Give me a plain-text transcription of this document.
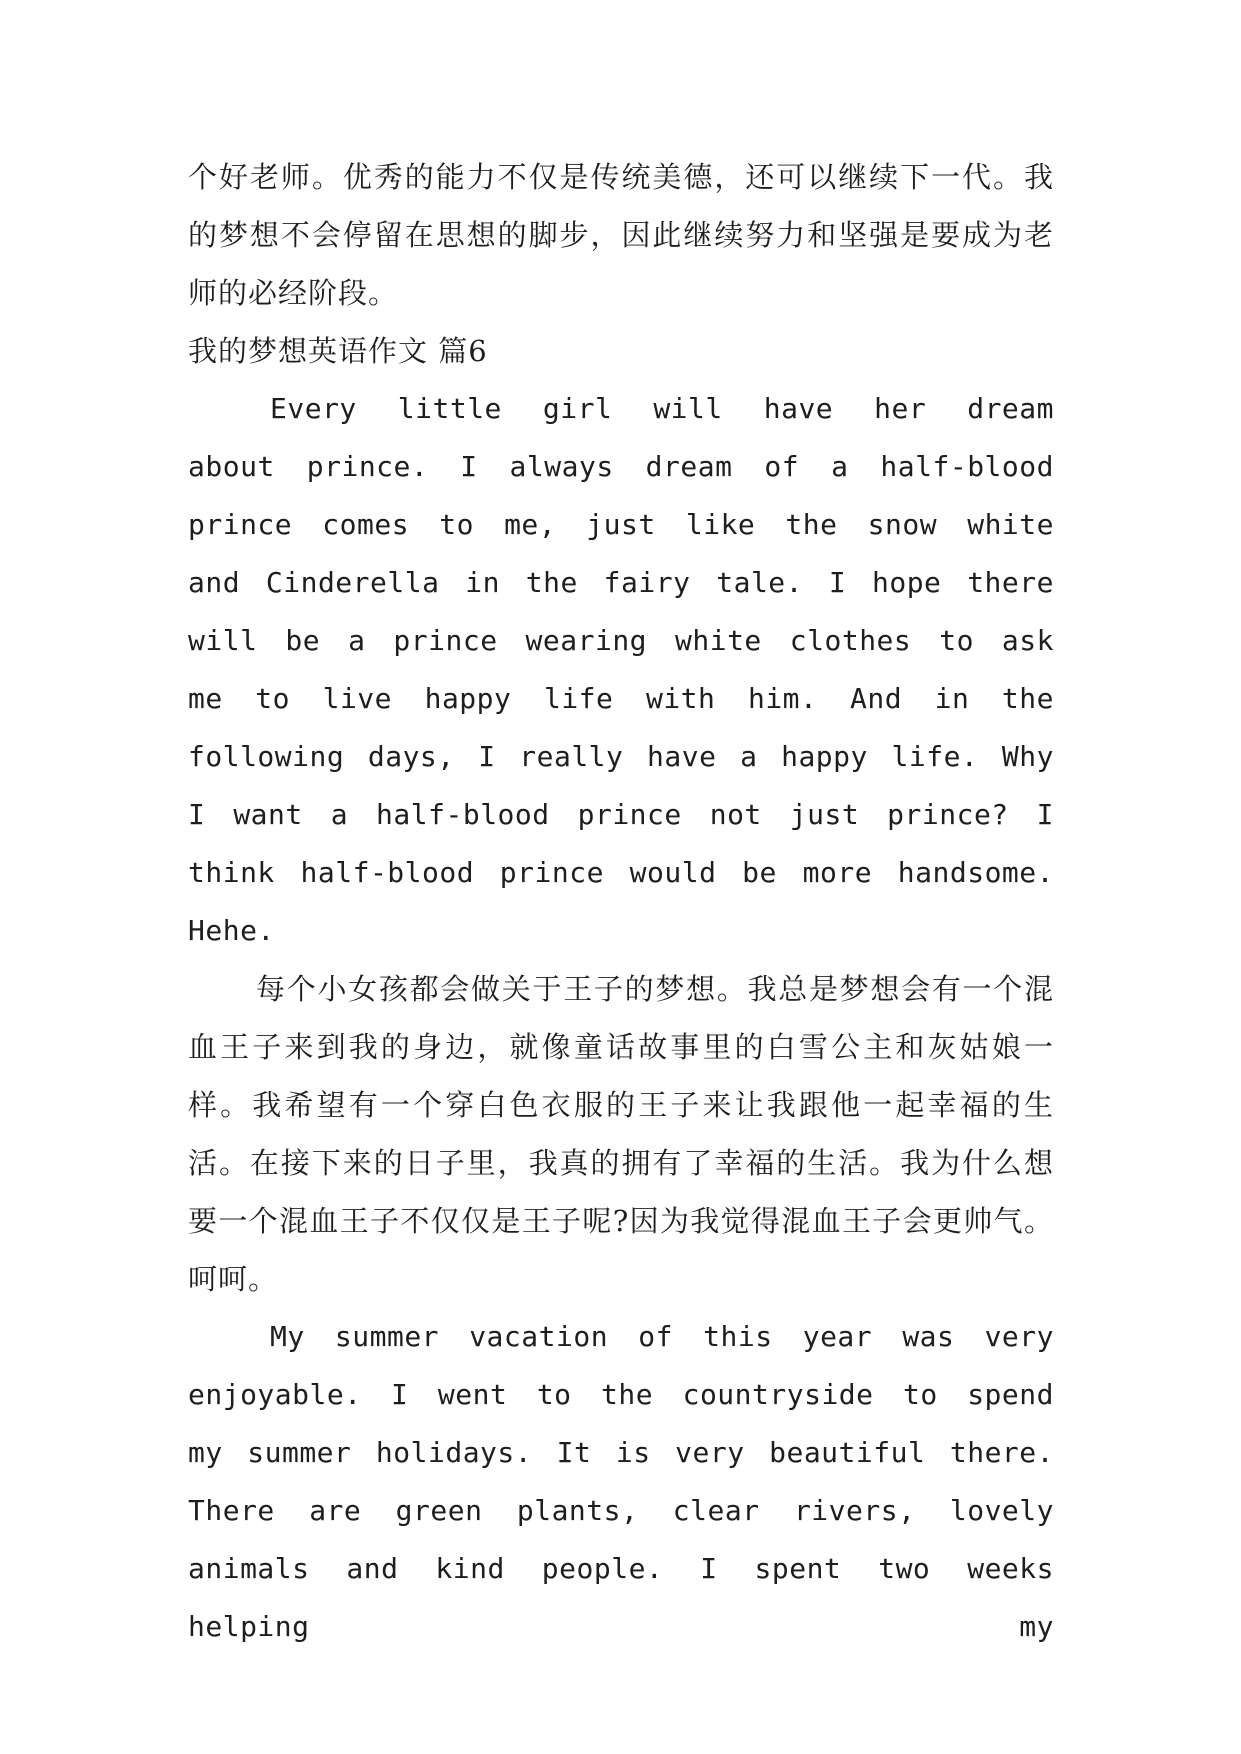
个好老师。优秀的能力不仅是传统美德，还可以继续下一代。我的梦想不会停留在思想的脚步，因此继续努力和坚强是要成为老师的必经阶段。

我的梦想英语作文 篇6

Every little girl will have her dream about prince. I always dream of a half-blood prince comes to me, just like the snow white and Cinderella in the fairy tale. I hope there will be a prince wearing white clothes to ask me to live happy life with him. And in the following days, I really have a happy life. Why I want a half-blood prince not just prince? I think half-blood prince would be more handsome. Hehe.

每个小女孩都会做关于王子的梦想。我总是梦想会有一个混血王子来到我的身边，就像童话故事里的白雪公主和灰姑娘一样。我希望有一个穿白色衣服的王子来让我跟他一起幸福的生活。在接下来的日子里，我真的拥有了幸福的生活。我为什么想要一个混血王子不仅仅是王子呢?因为我觉得混血王子会更帅气。呵呵。

My summer vacation of this year was very enjoyable. I went to the countryside to spend my summer holidays. It is very beautiful there. There are green plants, clear rivers, lovely animals and kind people. I spent two weeks helping my
